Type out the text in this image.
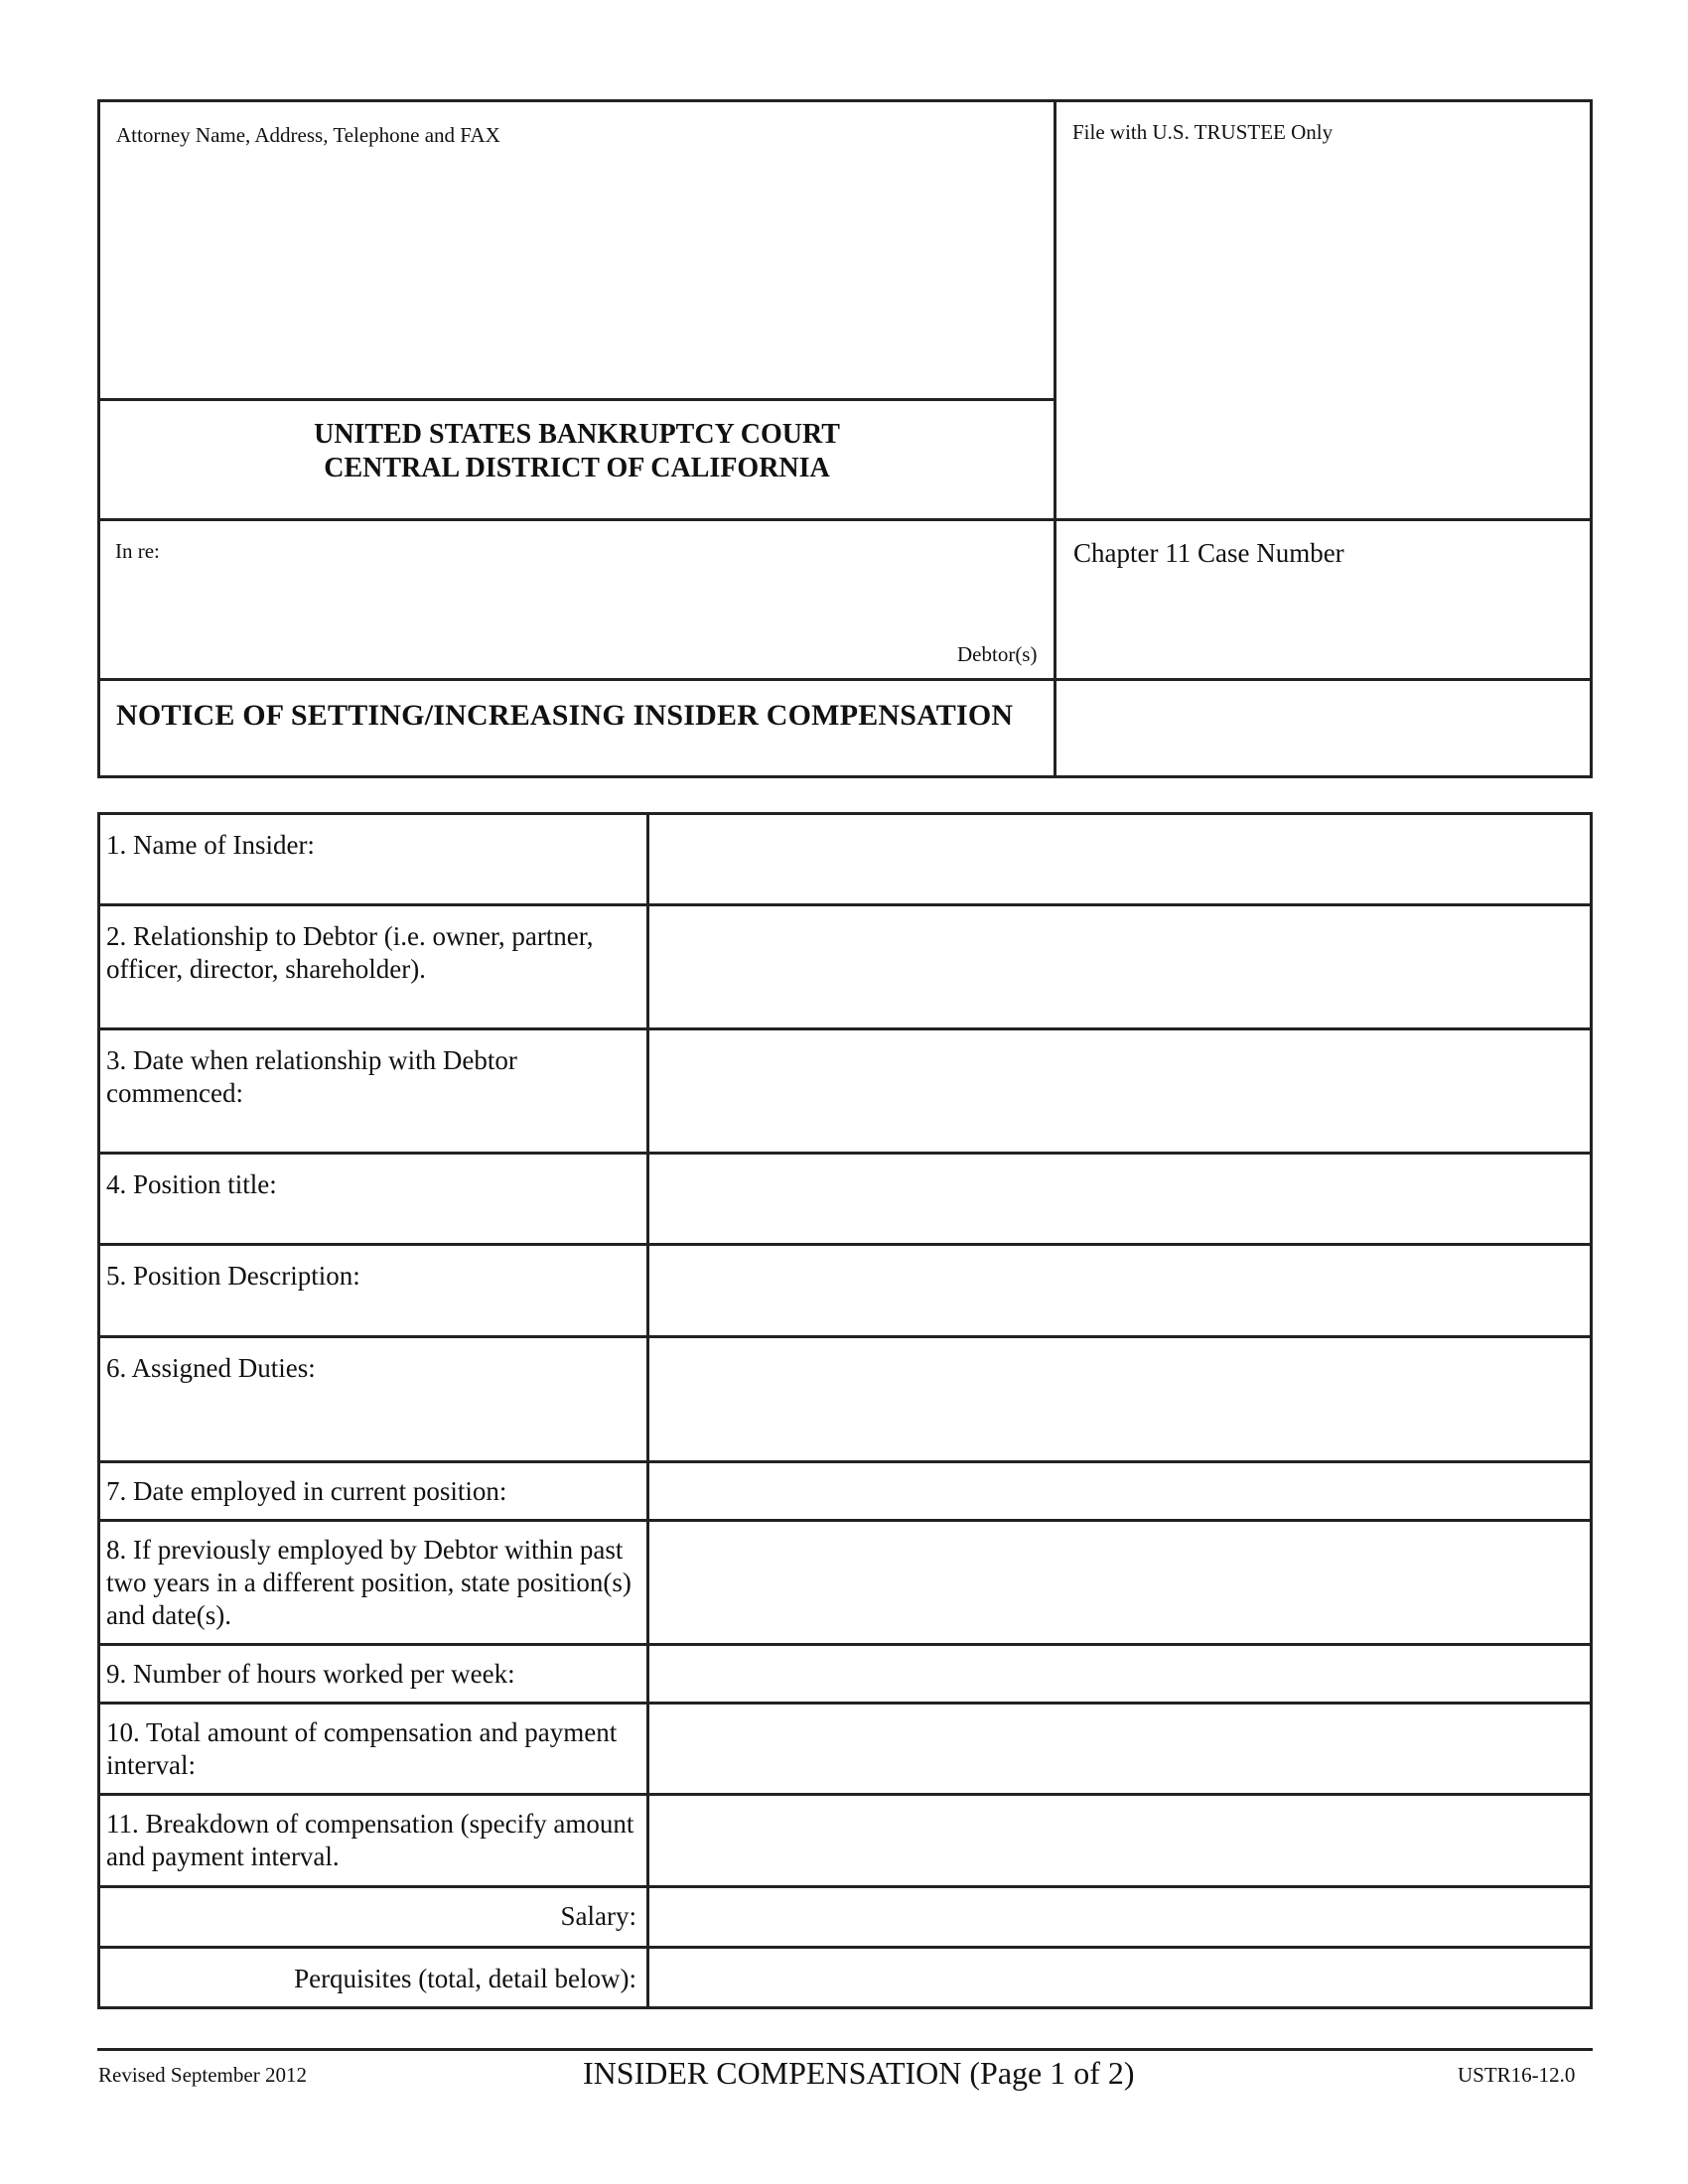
Attorney Name, Address, Telephone and FAX	File with U.S. TRUSTEE Only
UNITED STATES BANKRUPTCY COURT
CENTRAL DISTRICT OF CALIFORNIA
In re:
Debtor(s)
Chapter 11 Case Number
NOTICE OF SETTING/INCREASING INSIDER COMPENSATION
1. Name of Insider:
2. Relationship to Debtor (i.e. owner, partner, officer, director, shareholder).
3. Date when relationship with Debtor commenced:
4. Position title:
5. Position Description:
6. Assigned Duties:
7. Date employed in current position:
8. If previously employed by Debtor within past two years in a different position, state position(s) and date(s).
9. Number of hours worked per week:
10. Total amount of compensation and payment interval:
11. Breakdown of compensation (specify amount and payment interval.
Salary:
Perquisites (total, detail below):
Revised September 2012	INSIDER COMPENSATION (Page 1 of 2)	USTR16-12.0
